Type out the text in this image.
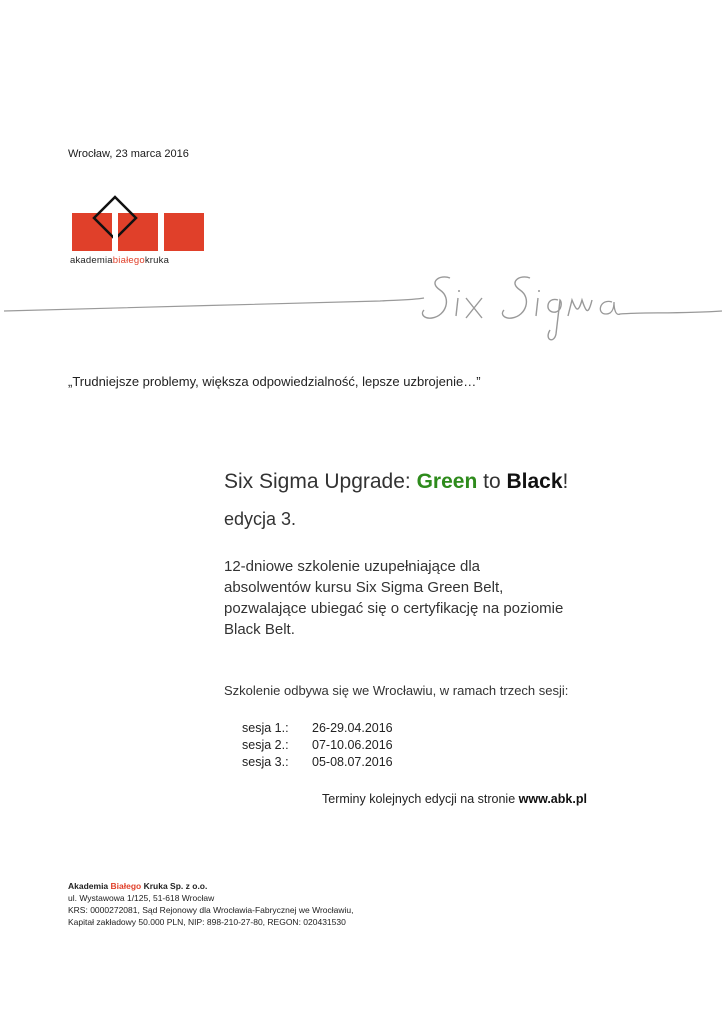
Wrocław, 23 marca 2016
akademiabiałegokruka
„Trudniejsze problemy, większa odpowiedzialność, lepsze uzbrojenie…”
Six Sigma Upgrade: Green to Black!
edycja 3.
12-dniowe szkolenie uzupełniające dla
absolwentów kursu Six Sigma Green Belt,
pozwalające ubiegać się o certyfikację na poziomie
Black Belt.
Szkolenie odbywa się we Wrocławiu, w ramach trzech sesji:
sesja 1.:	26-29.04.2016
sesja 2.:	07-10.06.2016
sesja 3.:	05-08.07.2016
Terminy kolejnych edycji na stronie www.abk.pl
Akademia Białego Kruka Sp. z o.o.
ul. Wystawowa 1/125, 51-618 Wrocław
KRS: 0000272081, Sąd Rejonowy dla Wrocławia-Fabrycznej we Wrocławiu,
Kapitał zakładowy 50.000 PLN, NIP: 898-210-27-80, REGON: 020431530
